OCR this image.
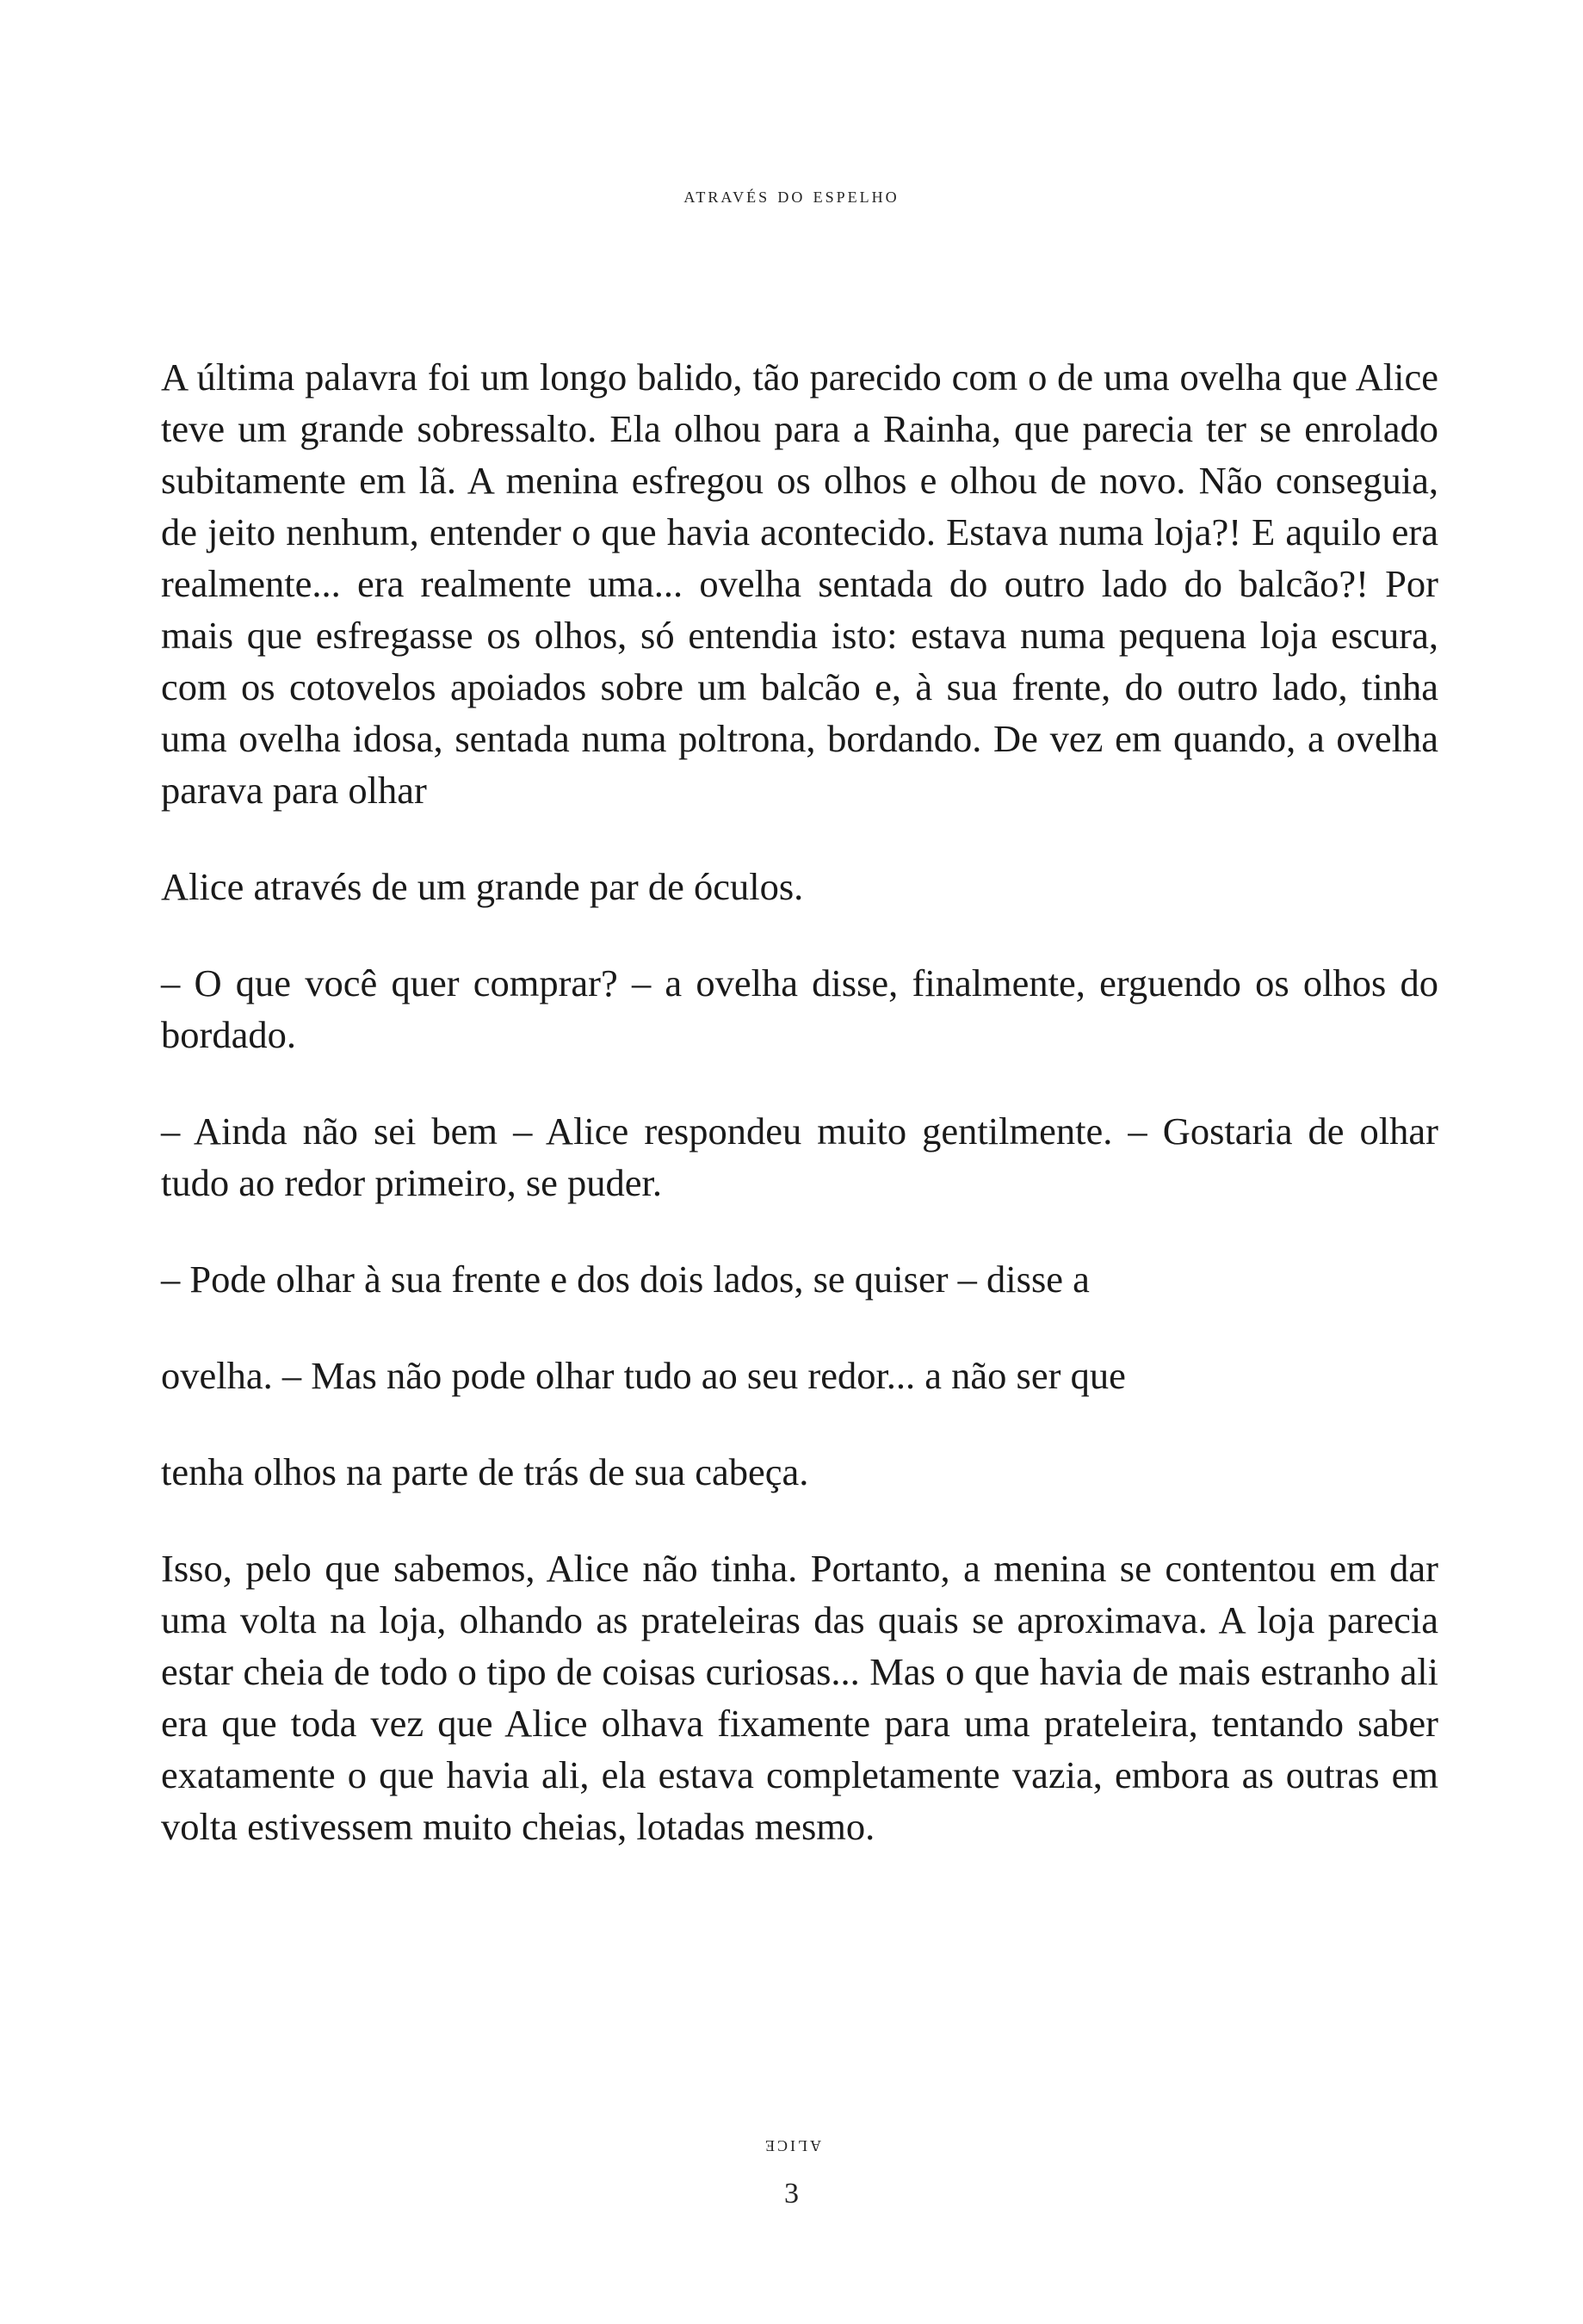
através do espelho

A última palavra foi um longo balido, tão parecido com o de uma ovelha que Alice teve um grande sobressalto. Ela olhou para a Rainha, que parecia ter se enrolado subitamente em lã. A menina esfregou os olhos e olhou de novo. Não conseguia, de jeito nenhum, entender o que havia acontecido. Estava numa loja?! E aquilo era realmente... era realmente uma... ovelha sentada do outro lado do balcão?! Por mais que esfregasse os olhos, só entendia isto: estava numa pequena loja escura, com os cotovelos apoiados sobre um balcão e, à sua frente, do outro lado, tinha uma ovelha idosa, sentada numa poltrona, bordando. De vez em quando, a ovelha parava para olhar

Alice através de um grande par de óculos.

– O que você quer comprar? – a ovelha disse, finalmente, erguendo os olhos do bordado.

– Ainda não sei bem – Alice respondeu muito gentilmente. – Gostaria de olhar tudo ao redor primeiro, se puder.

– Pode olhar à sua frente e dos dois lados, se quiser – disse a

ovelha. – Mas não pode olhar tudo ao seu redor... a não ser que

tenha olhos na parte de trás de sua cabeça.

Isso, pelo que sabemos, Alice não tinha. Portanto, a menina se contentou em dar uma volta na loja, olhando as prateleiras das quais se aproximava. A loja parecia estar cheia de todo o tipo de coisas curiosas... Mas o que havia de mais estranho ali era que toda vez que Alice olhava fixamente para uma prateleira, tentando saber exatamente o que havia ali, ela estava completamente vazia, embora as outras em volta estivessem muito cheias, lotadas mesmo.

alice
3
